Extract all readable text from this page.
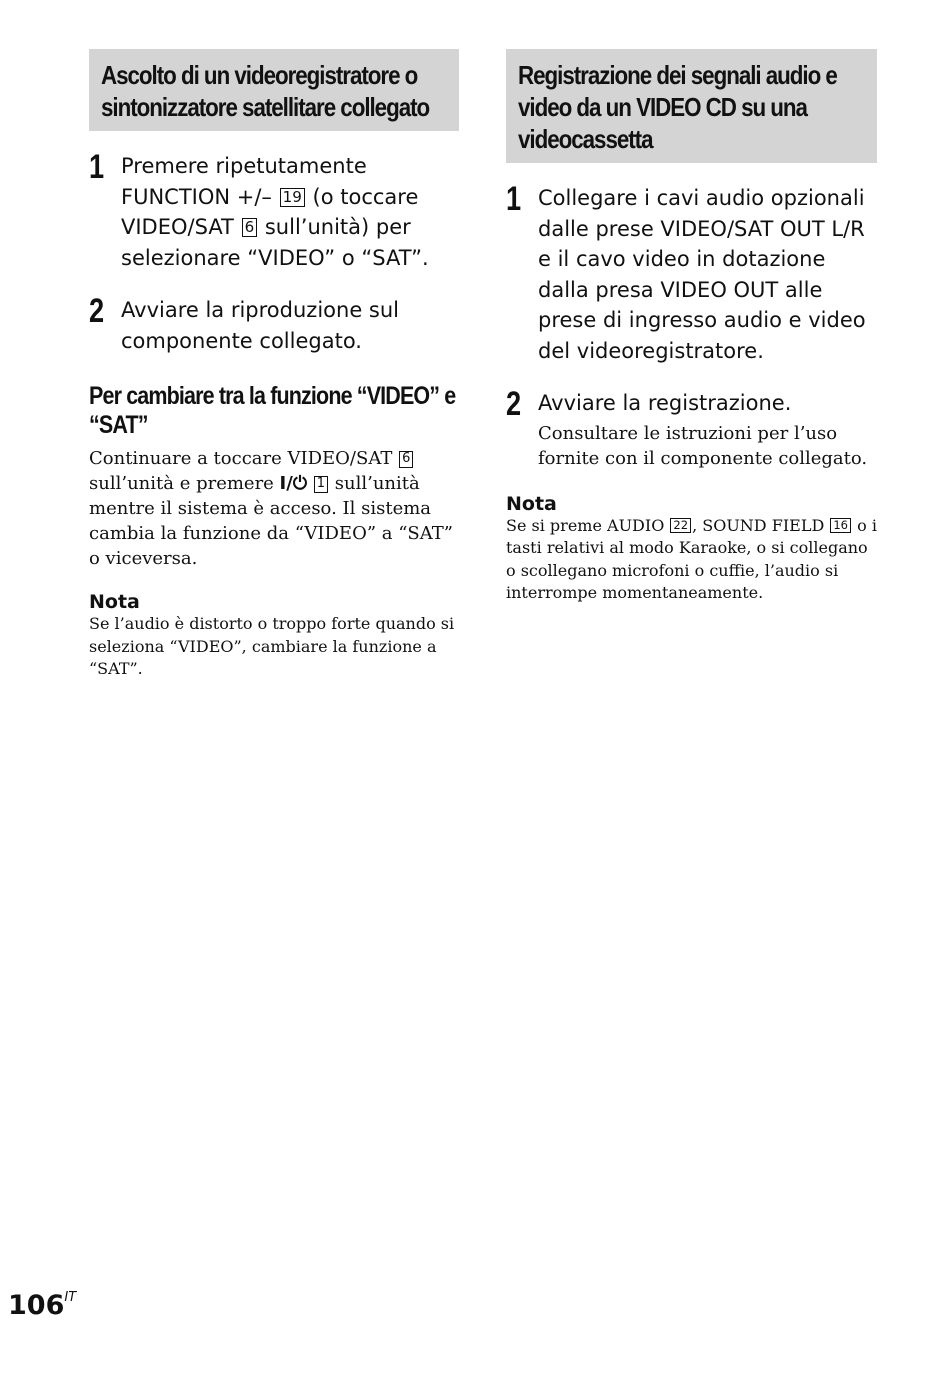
Ascolto di un videoregistratore o sintonizzatore satellitare collegato
1 Premere ripetutamente FUNCTION +/– 19 (o toccare VIDEO/SAT 6 sull’unità) per selezionare “VIDEO” o “SAT”.
2 Avviare la riproduzione sul componente collegato.
Per cambiare tra la funzione “VIDEO” e “SAT”
Continuare a toccare VIDEO/SAT 6 sull’unità e premere I/⏻ 1 sull’unità mentre il sistema è acceso. Il sistema cambia la funzione da “VIDEO” a “SAT” o viceversa.
Nota
Se l’audio è distorto o troppo forte quando si seleziona “VIDEO”, cambiare la funzione a “SAT”.
Registrazione dei segnali audio e video da un VIDEO CD su una videocassetta
1 Collegare i cavi audio opzionali dalle prese VIDEO/SAT OUT L/R e il cavo video in dotazione dalla presa VIDEO OUT alle prese di ingresso audio e video del videoregistratore.
2 Avviare la registrazione.
Consultare le istruzioni per l’uso fornite con il componente collegato.
Nota
Se si preme AUDIO 22 , SOUND FIELD 16 o i tasti relativi al modo Karaoke, o si collegano o scollegano microfoni o cuffie, l’audio si interrompe momentaneamente.
$106^{IT}$
